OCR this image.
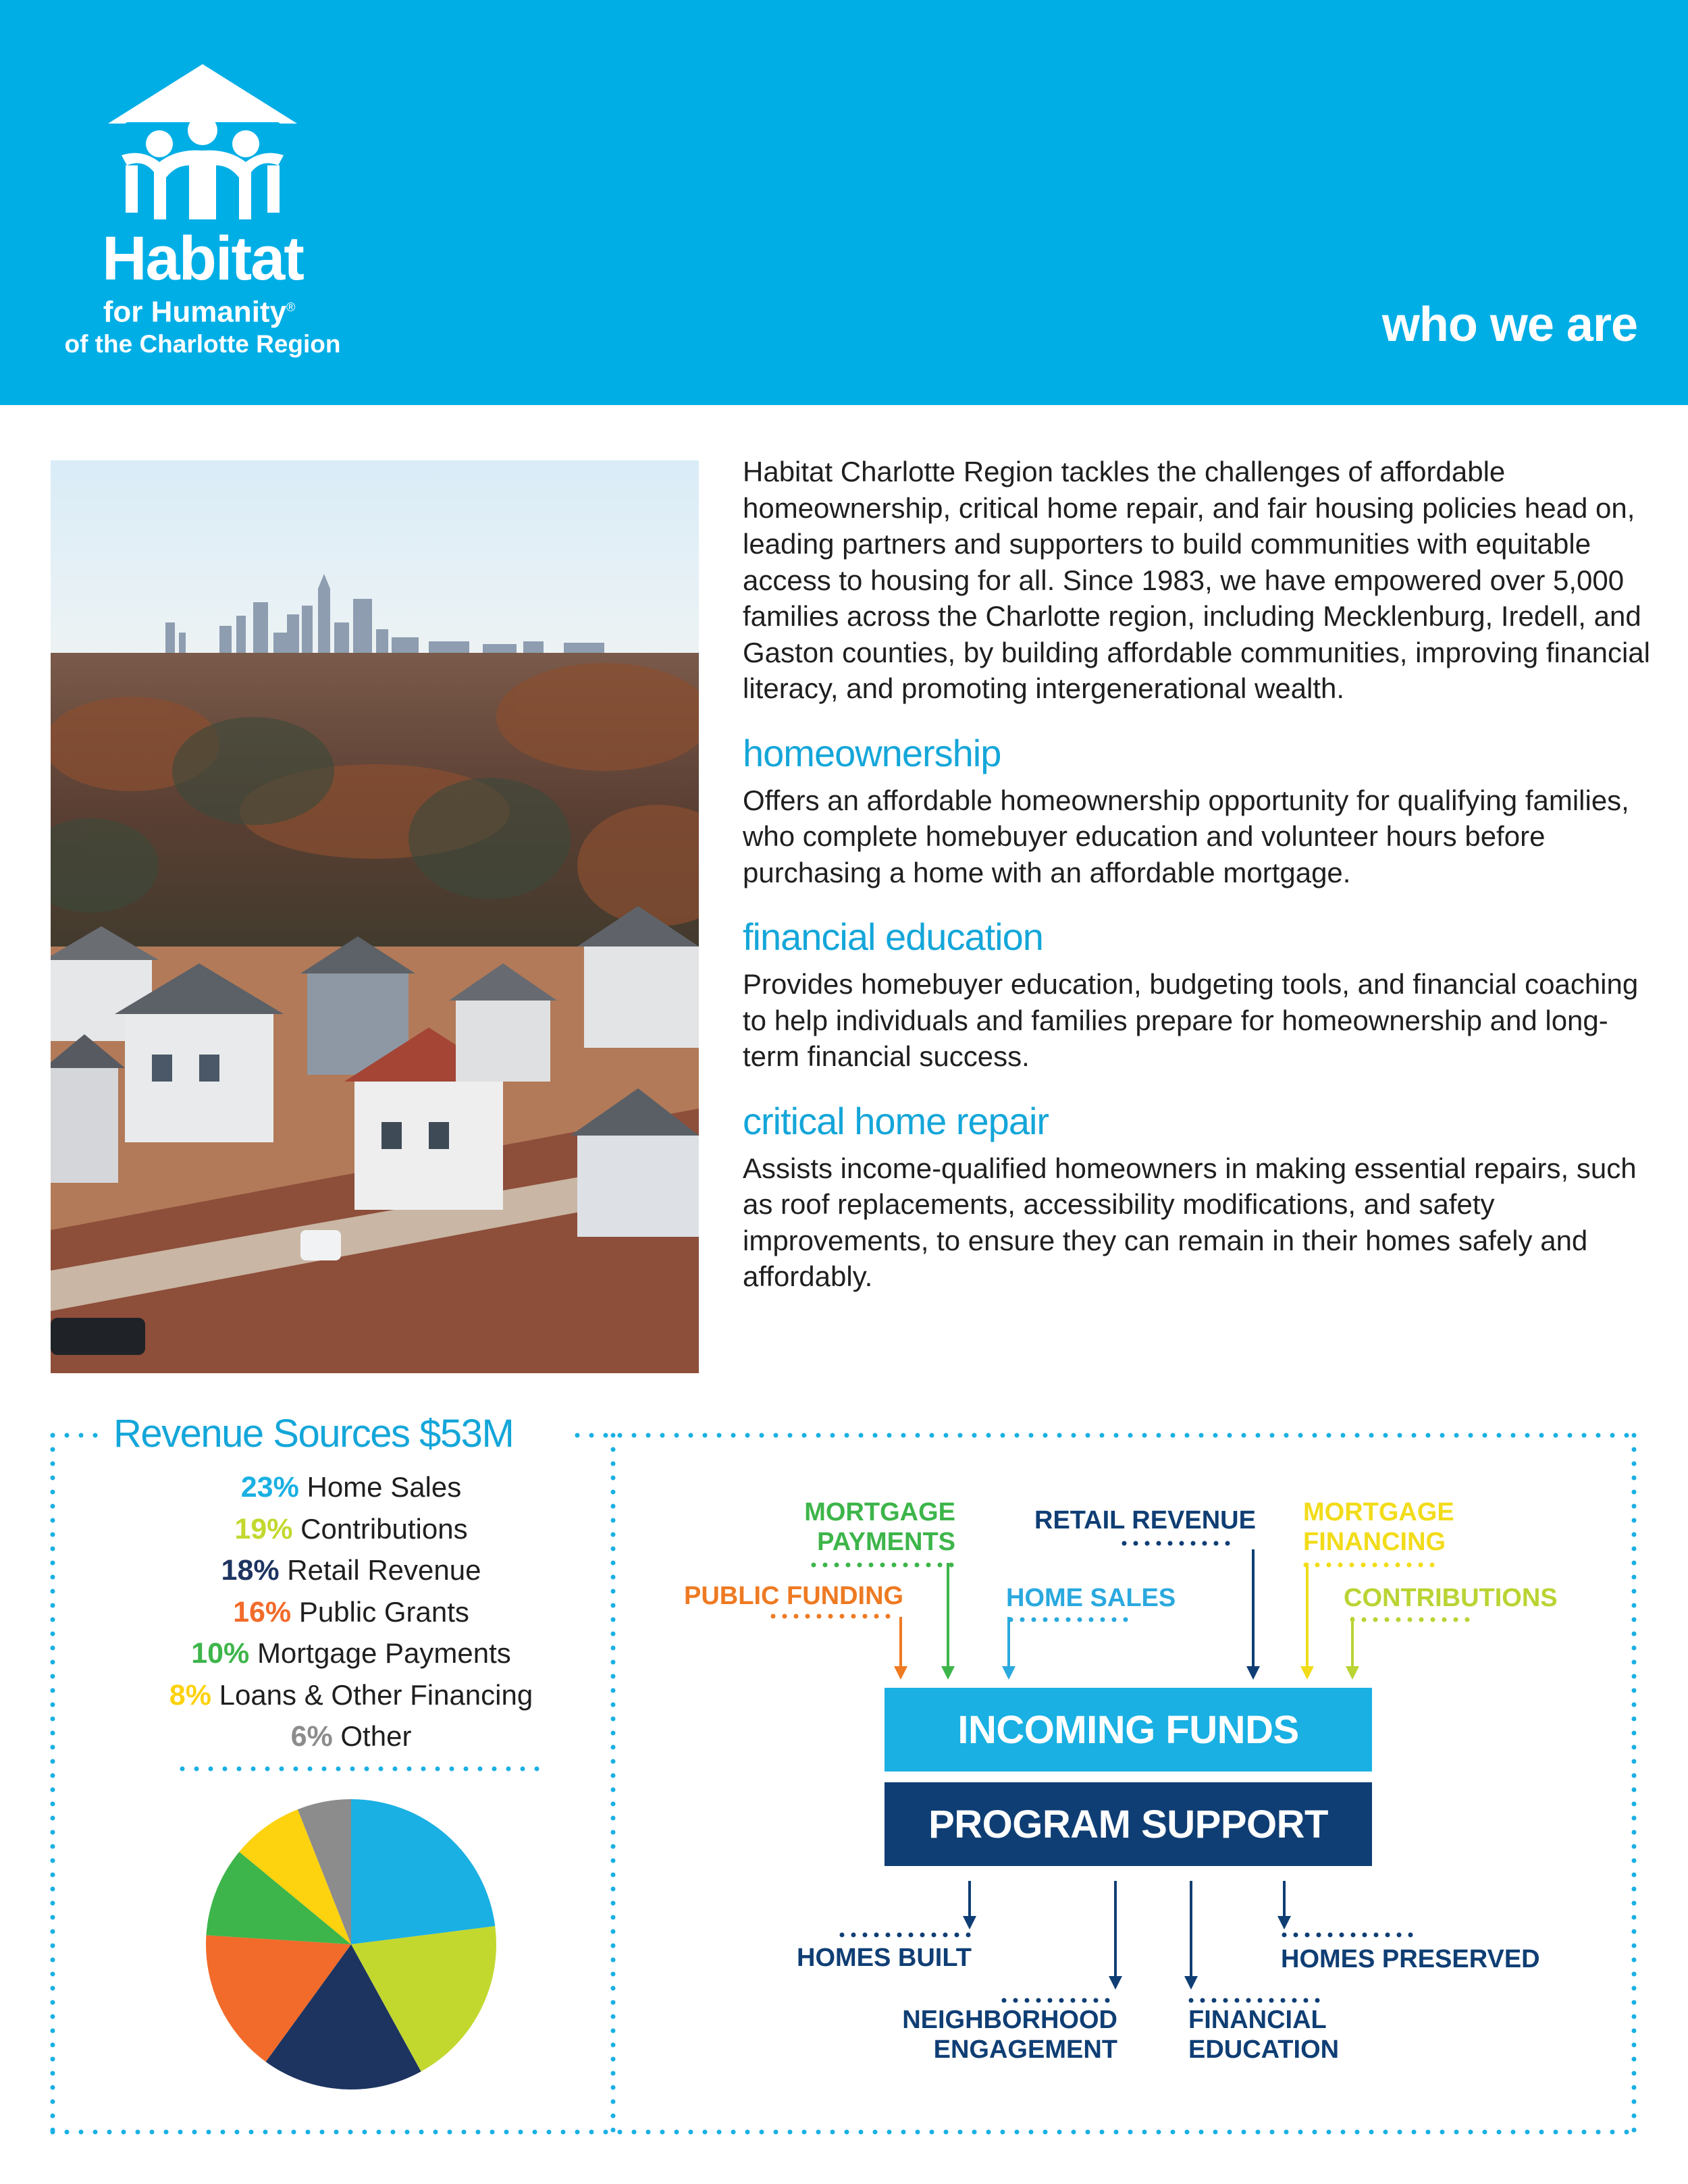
Habitat
for Humanity®
of the Charlotte Region	who we are

Habitat Charlotte Region tackles the challenges of affordable homeownership, critical home repair, and fair housing policies head on, leading partners and supporters to build communities with equitable access to housing for all. Since 1983, we have empowered over 5,000 families across the Charlotte region, including Mecklenburg, Iredell, and Gaston counties, by building affordable communities, improving financial literacy, and promoting intergenerational wealth.

homeownership

Offers an affordable homeownership opportunity for qualifying families, who complete homebuyer education and volunteer hours before purchasing a home with an affordable mortgage.

financial education

Provides homebuyer education, budgeting tools, and financial coaching to help individuals and families prepare for homeownership and long-term financial success.

critical home repair

Assists income-qualified homeowners in making essential repairs, such as roof replacements, accessibility modifications, and safety improvements, to ensure they can remain in their homes safely and affordably.

Revenue Sources $53M
23% Home Sales
19% Contributions
18% Retail Revenue
16% Public Grants
10% Mortgage Payments
8% Loans & Other Financing
6% Other
MORTGAGE
PAYMENTS
RETAIL REVENUE MORTGAGE
FINANCING
PUBLIC FUNDING	HOME SALES	CONTRIBUTIONS
INCOMING FUNDS
PROGRAM SUPPORT
HOMES BUILT
NEIGHBORHOOD
ENGAGEMENT
FINANCIAL
EDUCATION
HOMES PRESERVED
